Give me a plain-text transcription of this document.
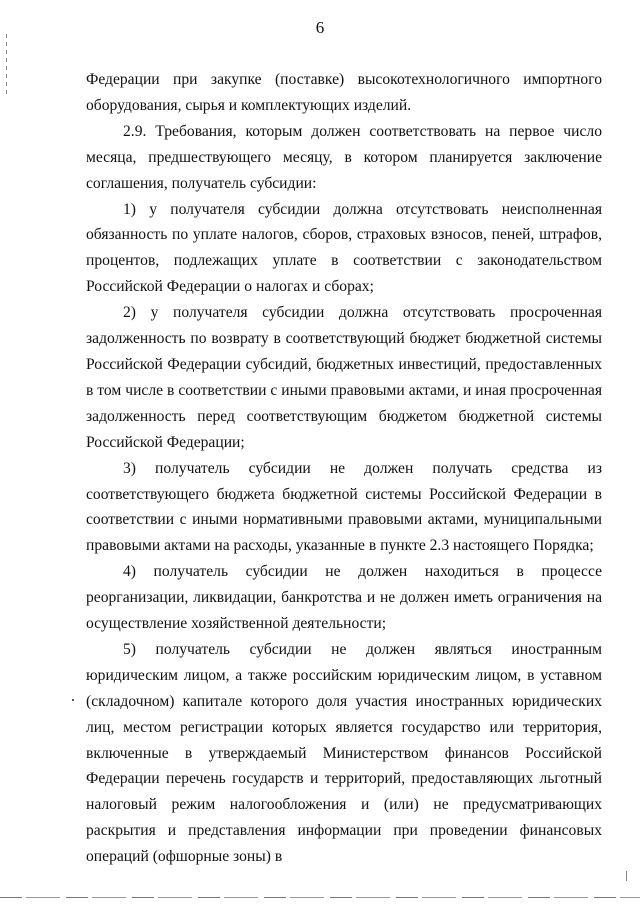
6

Федерации при закупке (поставке) высокотехнологичного импортного оборудования, сырья и комплектующих изделий.

2.9. Требования, которым должен соответствовать на первое число месяца, предшествующего месяцу, в котором планируется заключение соглашения, получатель субсидии:

1) у получателя субсидии должна отсутствовать неисполненная обязанность по уплате налогов, сборов, страховых взносов, пеней, штрафов, процентов, подлежащих уплате в соответствии с законодательством Российской Федерации о налогах и сборах;

2) у получателя субсидии должна отсутствовать просроченная задолженность по возврату в соответствующий бюджет бюджетной системы Российской Федерации субсидий, бюджетных инвестиций, предоставленных в том числе в соответствии с иными правовыми актами, и иная просроченная задолженность перед соответствующим бюджетом бюджетной системы Российской Федерации;

3) получатель субсидии не должен получать средства из соответствующего бюджета бюджетной системы Российской Федерации в соответствии с иными нормативными правовыми актами, муниципальными правовыми актами на расходы, указанные в пункте 2.3 настоящего Порядка;

4) получатель субсидии не должен находиться в процессе реорганизации, ликвидации, банкротства и не должен иметь ограничения на осуществление хозяйственной деятельности;

5) получатель субсидии не должен являться иностранным юридическим лицом, а также российским юридическим лицом, в уставном (складочном) капитале которого доля участия иностранных юридических лиц, местом регистрации которых является государство или территория, включенные в утверждаемый Министерством финансов Российской Федерации перечень государств и территорий, предоставляющих льготный налоговый режим налогообложения и (или) не предусматривающих раскрытия и представления информации при проведении финансовых операций (офшорные зоны) в
